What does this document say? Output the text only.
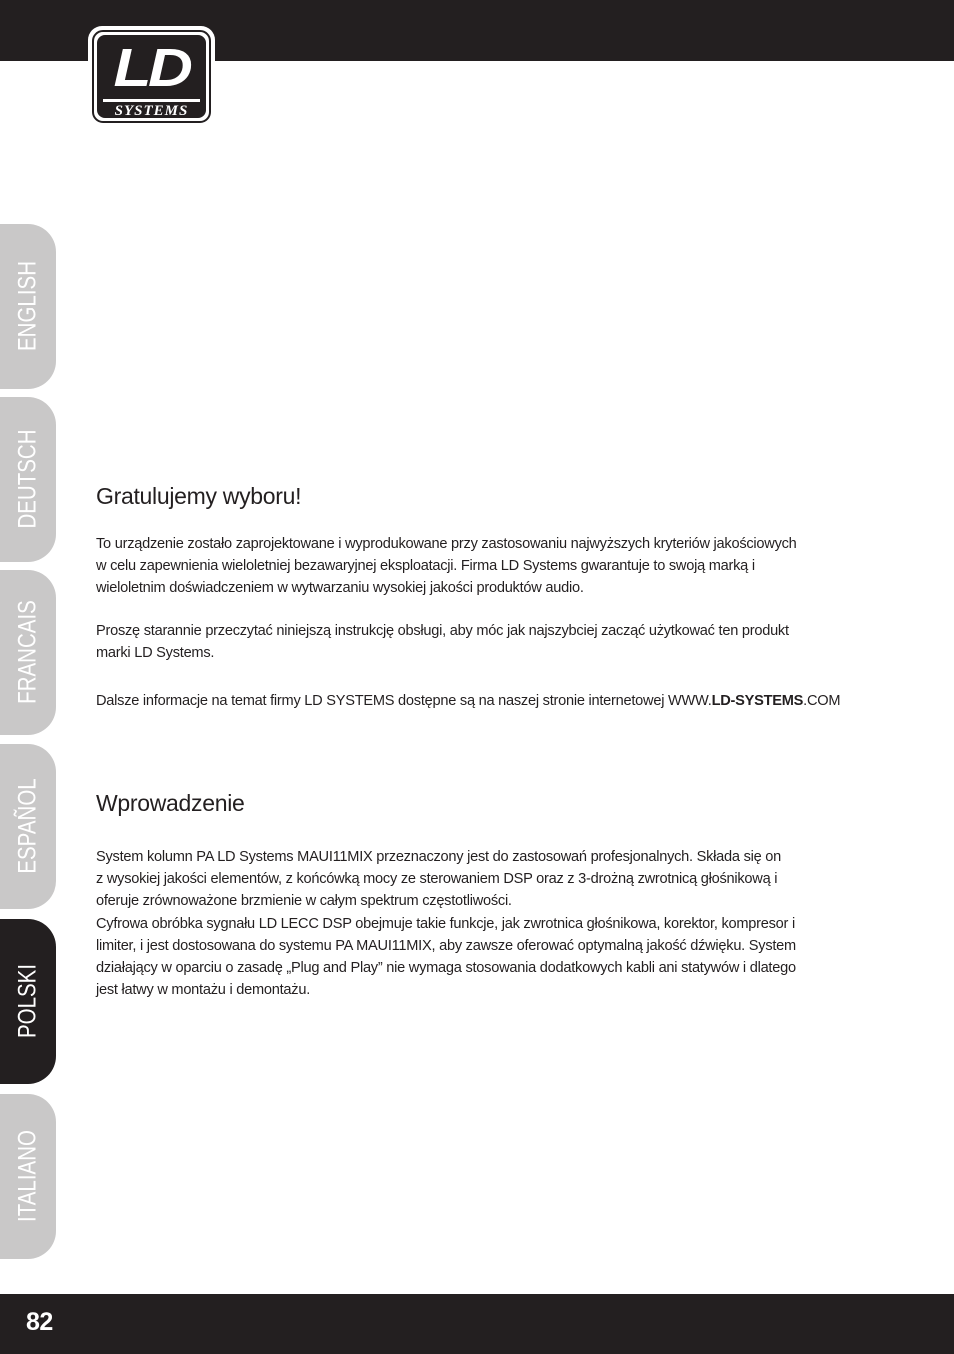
LD
SYSTEMS
ENGLISH
DEUTSCH
FRANCAIS
ESPAÑOL
POLSKI
ITALIANO
Gratulujemy wyboru!
To urządzenie zostało zaprojektowane i wyprodukowane przy zastosowaniu najwyższych kryteriów jakościowych
w celu zapewnienia wieloletniej bezawaryjnej eksploatacji. Firma LD Systems gwarantuje to swoją marką i
wieloletnim doświadczeniem w wytwarzaniu wysokiej jakości produktów audio.
Proszę starannie przeczytać niniejszą instrukcję obsługi, aby móc jak najszybciej zacząć użytkować ten produkt
marki LD Systems.
Dalsze informacje na temat firmy LD SYSTEMS dostępne są na naszej stronie internetowej WWW.LD-SYSTEMS.COM
Wprowadzenie
System kolumn PA LD Systems MAUI11MIX przeznaczony jest do zastosowań profesjonalnych. Składa się on
z wysokiej jakości elementów, z końcówką mocy ze sterowaniem DSP oraz z 3-drożną zwrotnicą głośnikową i
oferuje zrównoważone brzmienie w całym spektrum częstotliwości.
Cyfrowa obróbka sygnału LD LECC DSP obejmuje takie funkcje, jak zwrotnica głośnikowa, korektor, kompresor i
limiter, i jest dostosowana do systemu PA MAUI11MIX, aby zawsze oferować optymalną jakość dźwięku. System
działający w oparciu o zasadę „Plug and Play” nie wymaga stosowania dodatkowych kabli ani statywów i dlatego
jest łatwy w montażu i demontażu.
82
